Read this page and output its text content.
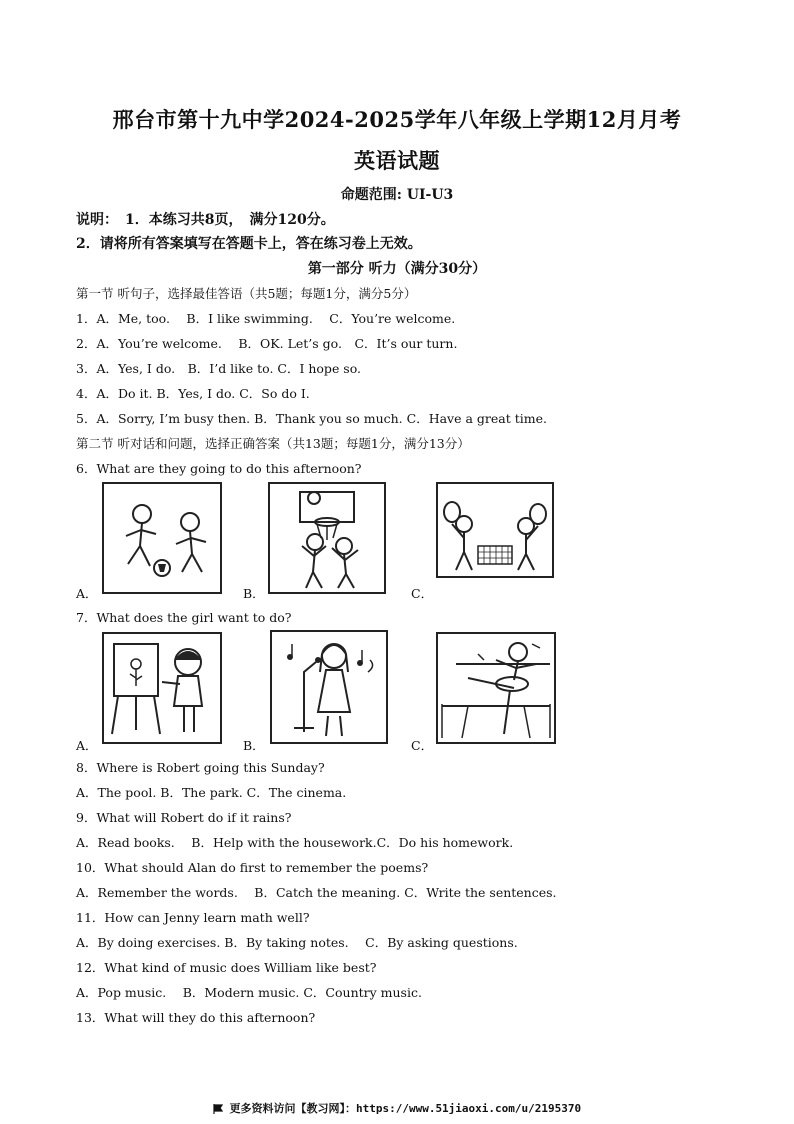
邢台市第十九中学2024-2025学年八年级上学期12月月考
英语试题
命题范围: UI-U3
说明：　1．本练习共8页，　满分120分。
2．请将所有答案填写在答题卡上，答在练习卷上无效。
第一部分 听力（满分30分）
第一节 听句子，选择最佳答语（共5题；每题1分，满分5分）
1．A．Me, too.　 B．I like swimming.　 C．You’re welcome.
2．A．You’re welcome.　 B．OK. Let’s go.　C．It’s our turn.
3．A．Yes, I do.　B．I’d like to. C．I hope so.
4．A．Do it. B．Yes, I do. C．So do I.
5．A．Sorry, I’m busy then. B．Thank you so much. C．Have a great time.
第二节 听对话和问题，选择正确答案（共13题；每题1分，满分13分）
6．What are they going to do this afternoon?
A．	B．	C．
7．What does the girl want to do?
A．	B．	C．
8．Where is Robert going this Sunday?
A．The pool. B．The park. C．The cinema.
9．What will Robert do if it rains?
A．Read books.　 B．Help with the housework.C．Do his homework.
10．What should Alan do first to remember the poems?
A．Remember the words.　 B．Catch the meaning. C．Write the sentences.
11．How can Jenny learn math well?
A．By doing exercises. B．By taking notes.　 C．By asking questions.
12．What kind of music does William like best?
A．Pop music.　 B．Modern music. C．Country music.
13．What will they do this afternoon?
更多资料访问【教习网】：https://www.51jiaoxi.com/u/2195370
